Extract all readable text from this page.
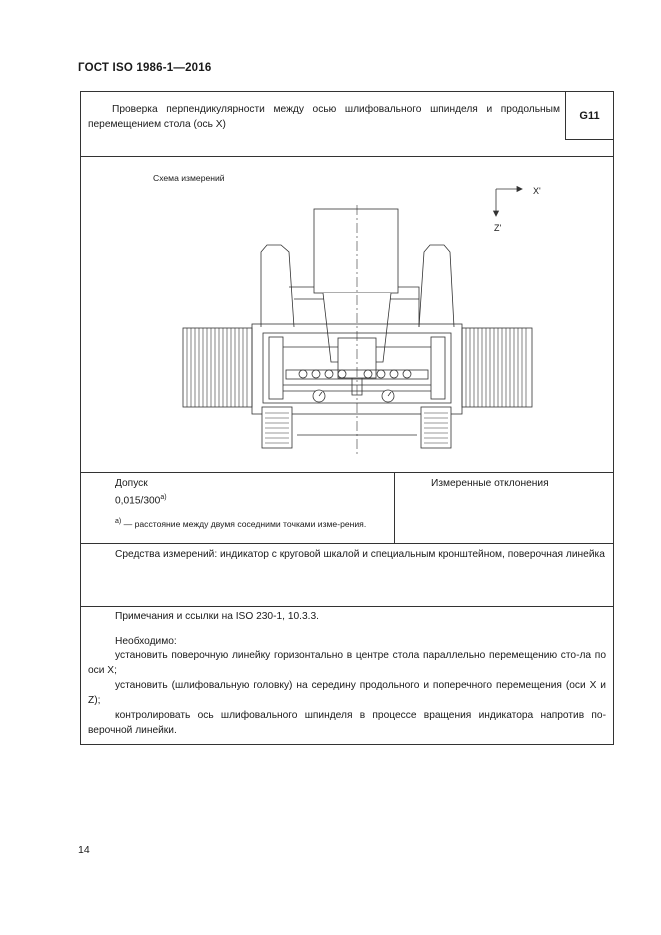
ГОСТ ISO 1986-1—2016
Проверка перпендикулярности между осью шлифовального шпинделя и продольным перемещением стола (ось X)
G11
Схема измерений
X'
Z'
Допуск
$0,015/300^{а)}$
$^{а)}$ — расстояние между двумя соседними точками изме-рения.
Измеренные отклонения
Средства измерений: индикатор с круговой шкалой и специальным кронштейном, поверочная линейка
Примечания и ссылки на ISO 230-1, 10.3.3.
Необходимо:
установить поверочную линейку горизонтально в центре стола параллельно перемещению сто-ла по оси X;
установить (шлифовальную головку) на середину продольного и поперечного перемещения (оси X и Z);
контролировать ось шлифовального шпинделя в процессе вращения индикатора напротив по-верочной линейки.
14
